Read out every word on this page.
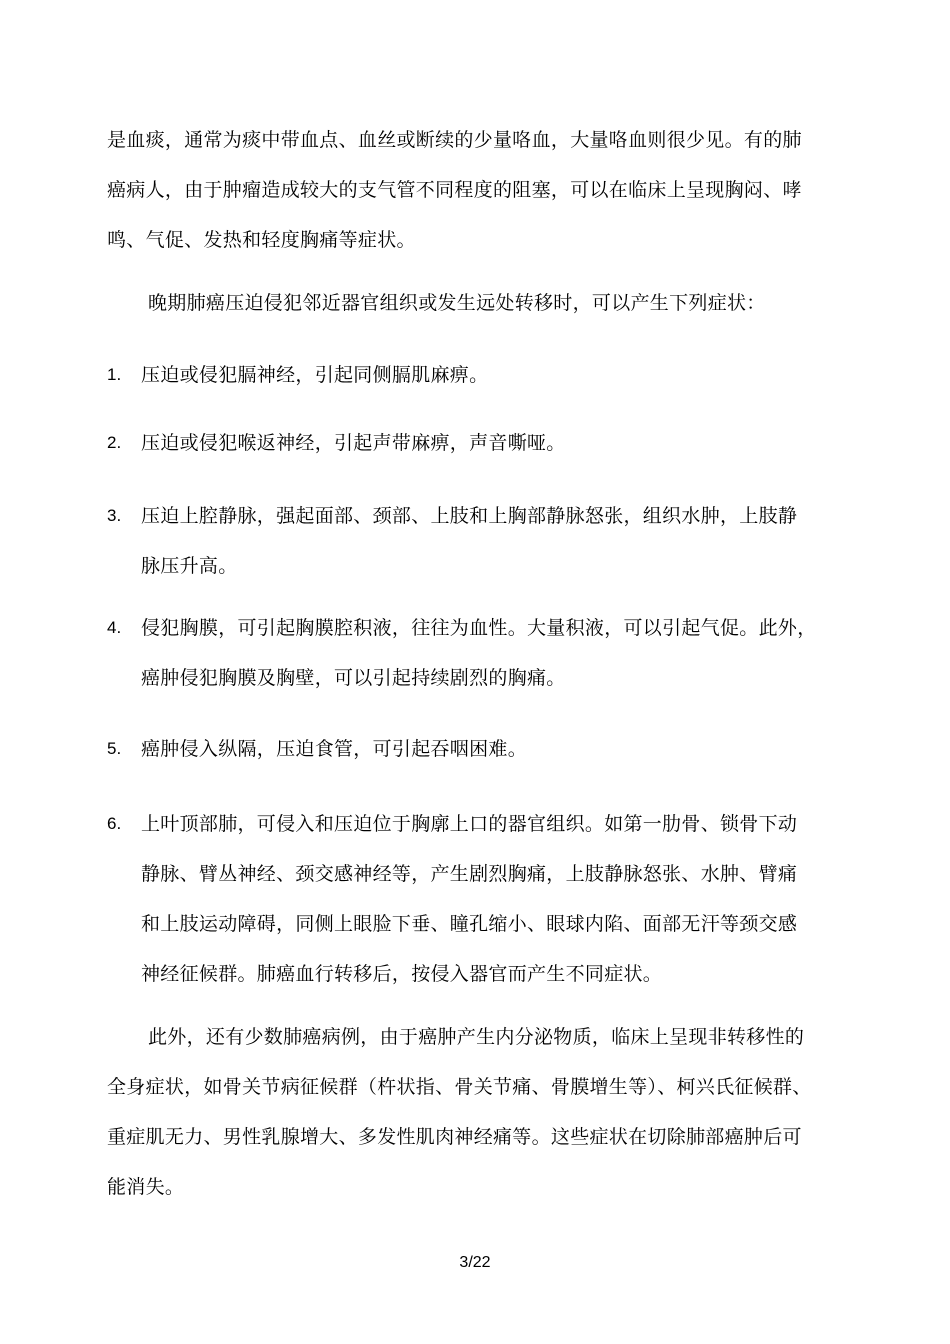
是血痰，通常为痰中带血点、血丝或断续的少量咯血，大量咯血则很少见。有的肺
癌病人，由于肿瘤造成较大的支气管不同程度的阻塞，可以在临床上呈现胸闷、哮
鸣、气促、发热和轻度胸痛等症状。
晚期肺癌压迫侵犯邻近器官组织或发生远处转移时，可以产生下列症状：
1. 压迫或侵犯膈神经，引起同侧膈肌麻痹。
2. 压迫或侵犯喉返神经，引起声带麻痹，声音嘶哑。
3. 压迫上腔静脉，强起面部、颈部、上肢和上胸部静脉怒张，组织水肿，上肢静
脉压升高。
4. 侵犯胸膜，可引起胸膜腔积液，往往为血性。大量积液，可以引起气促。此外，
癌肿侵犯胸膜及胸壁，可以引起持续剧烈的胸痛。
5. 癌肿侵入纵隔，压迫食管，可引起吞咽困难。
6. 上叶顶部肺，可侵入和压迫位于胸廓上口的器官组织。如第一肋骨、锁骨下动
静脉、臂丛神经、颈交感神经等，产生剧烈胸痛，上肢静脉怒张、水肿、臂痛
和上肢运动障碍，同侧上眼脸下垂、瞳孔缩小、眼球内陷、面部无汗等颈交感
神经征候群。肺癌血行转移后，按侵入器官而产生不同症状。
此外，还有少数肺癌病例，由于癌肿产生内分泌物质，临床上呈现非转移性的
全身症状，如骨关节病征候群（杵状指、骨关节痛、骨膜增生等）、柯兴氏征候群、
重症肌无力、男性乳腺增大、多发性肌肉神经痛等。这些症状在切除肺部癌肿后可
能消失。
3/22
